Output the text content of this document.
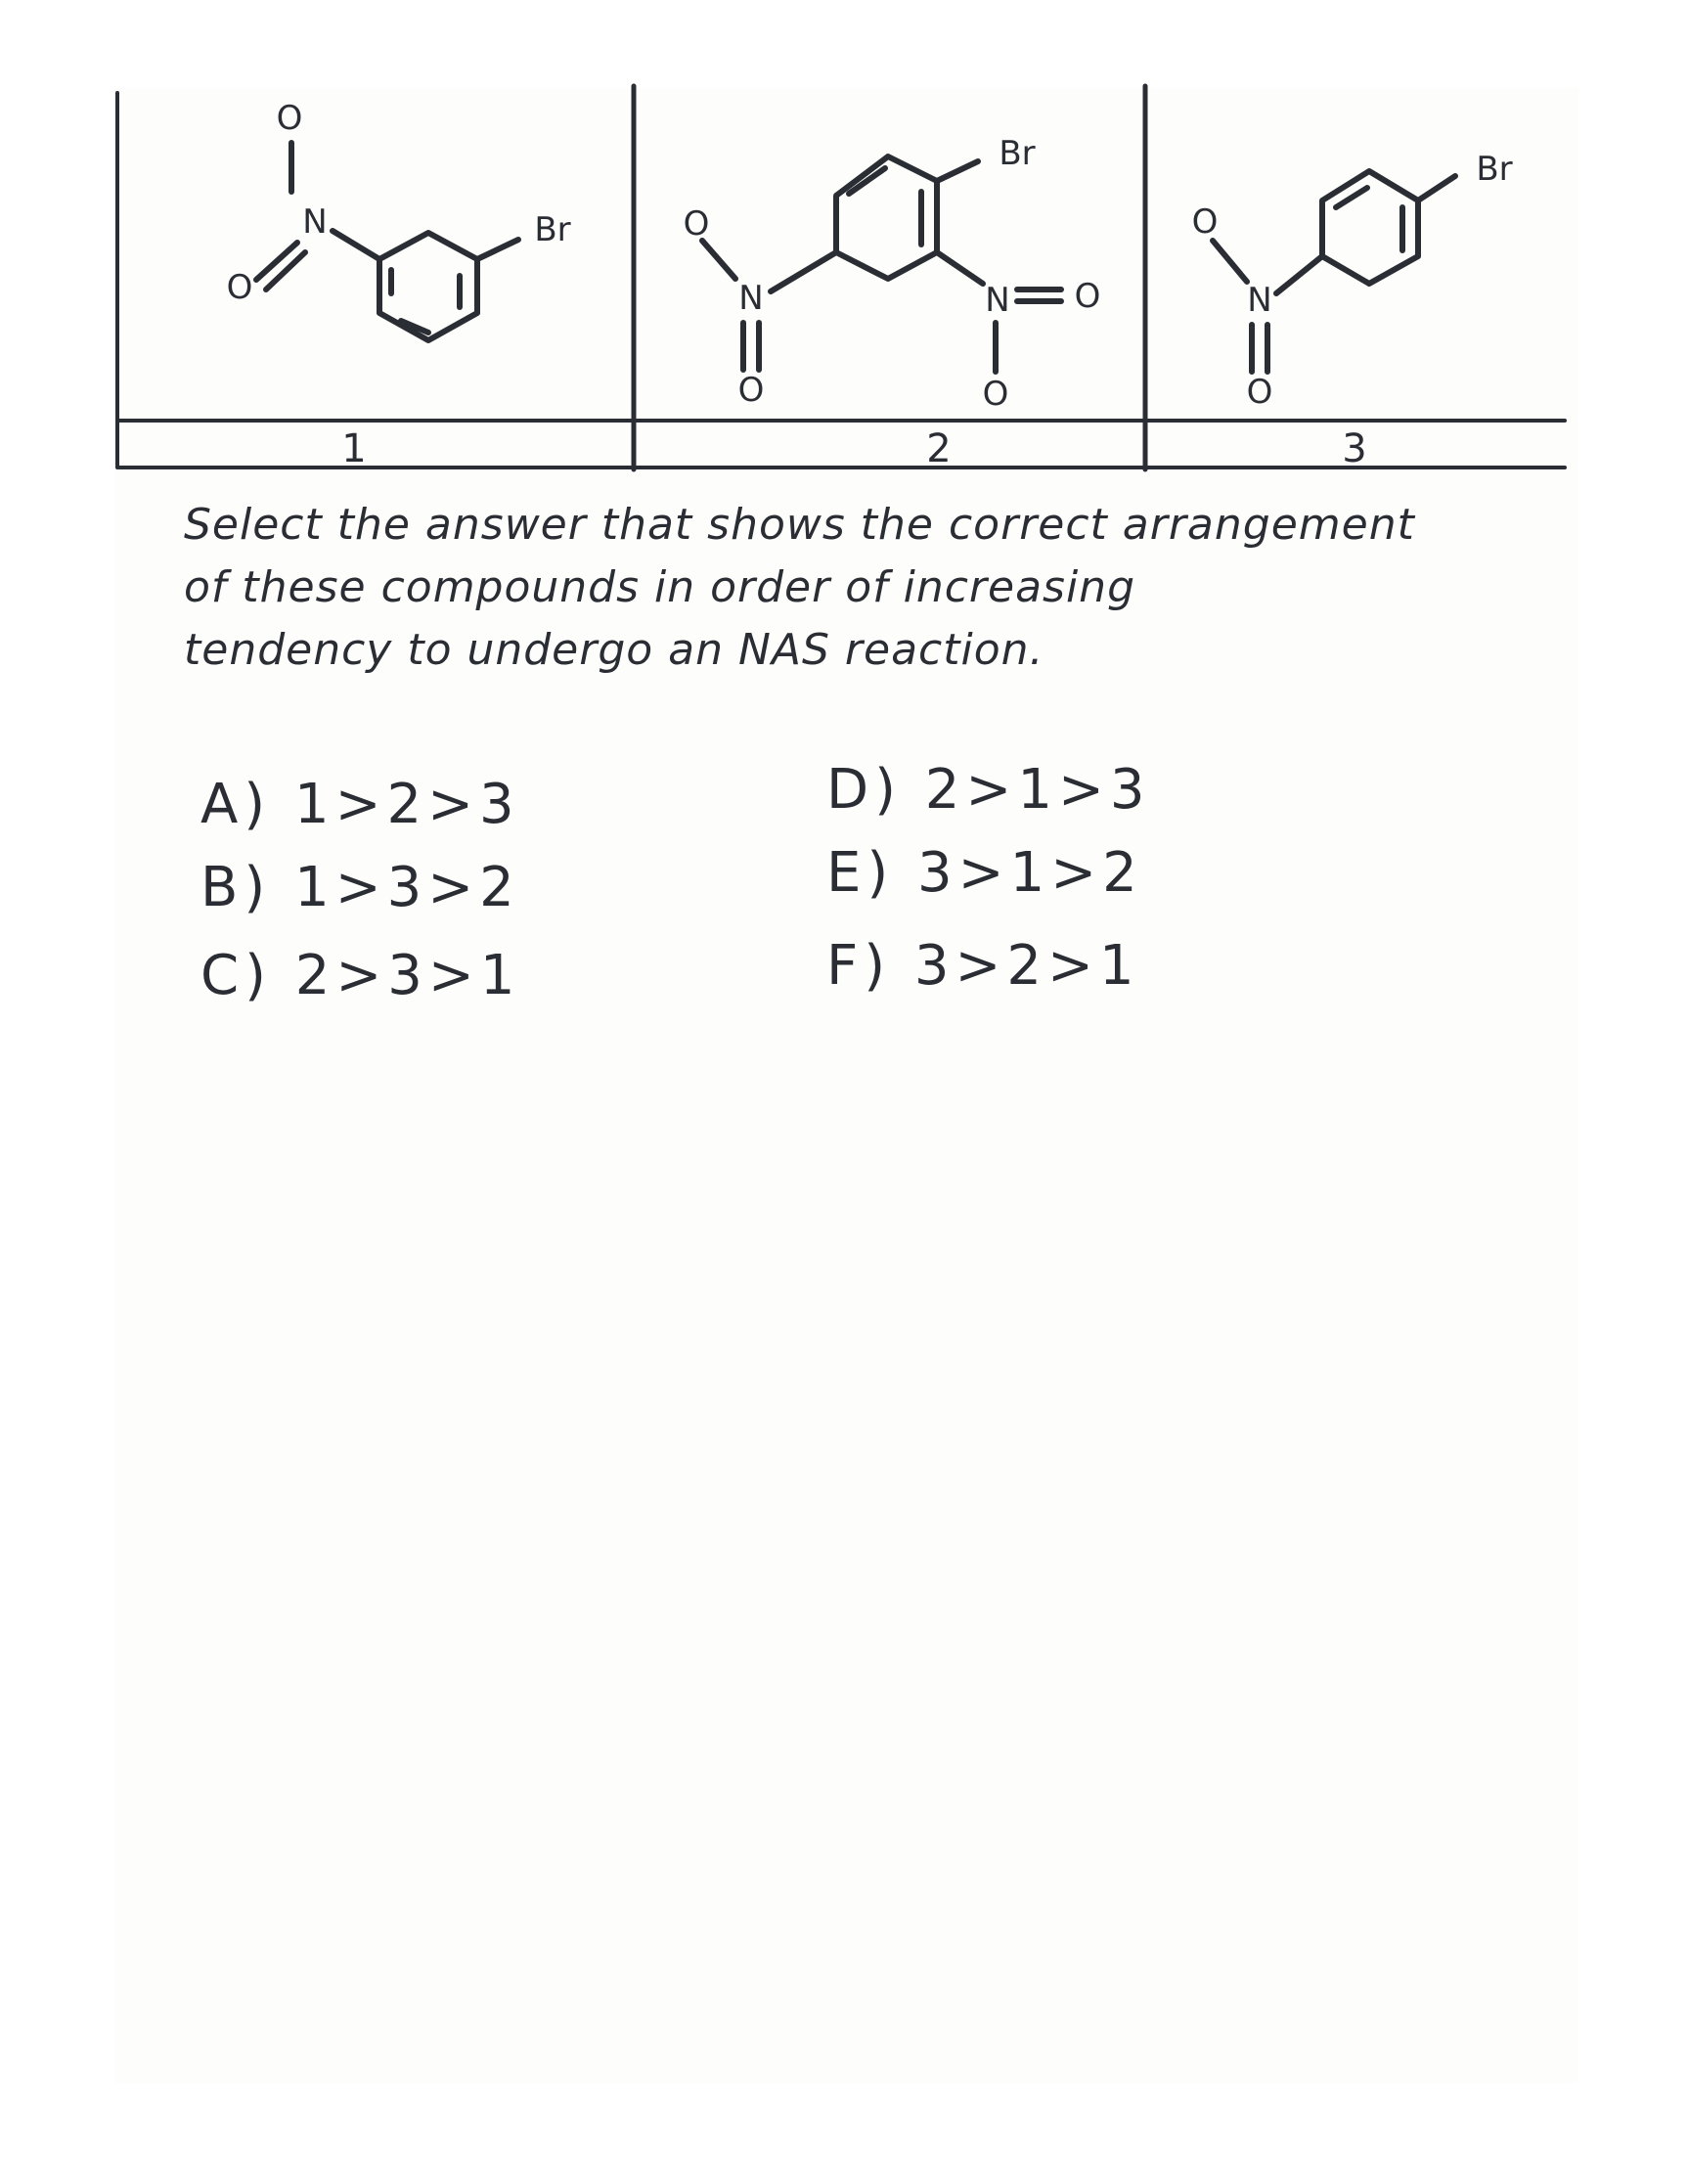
O
N
O
Br
Br
O
N
O
N O
O
O
N
O
Br
1	2	3
Select the answer that shows the correct arrangement
of these compounds in order of increasing
tendency to undergo an NAS reaction.
A) 1>2>3
B) 1>3>2
C) 2>3>1
D) 2>1>3
E) 3>1>2
F) 3>2>1
